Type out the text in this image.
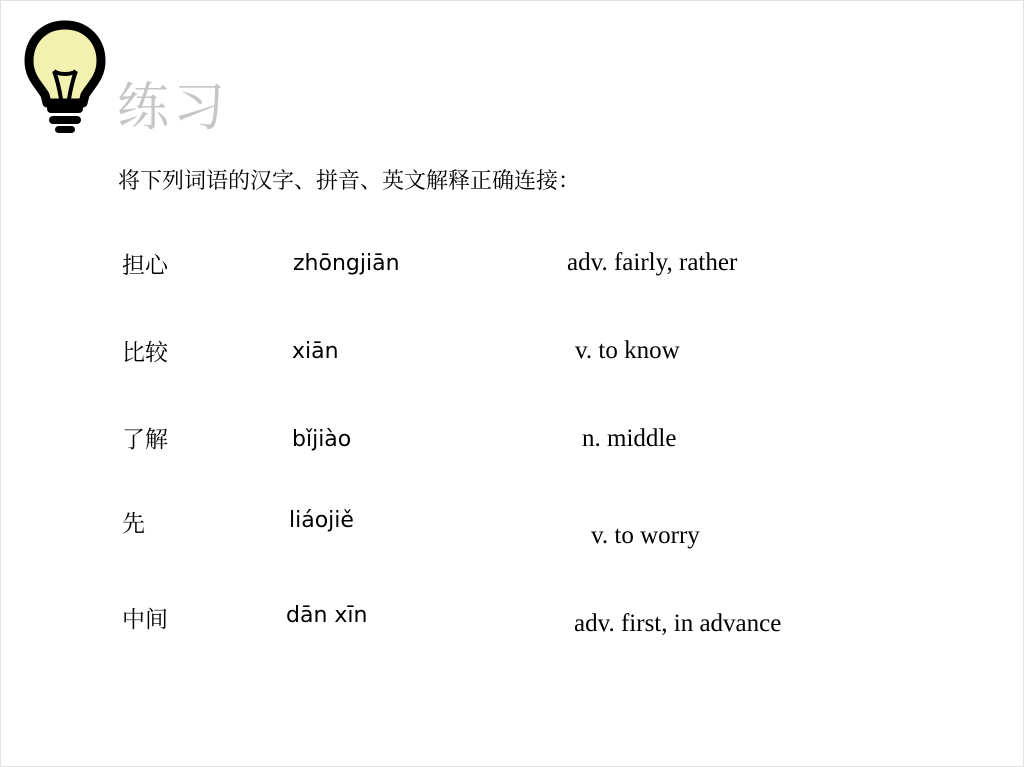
练习
将下列词语的汉字、拼音、英文解释正确连接：
担心
比较
了解
先
中间
zhōngjiān
xiān
bǐjiào
liáojiě
dān xīn
adv. fairly, rather
v. to know
n. middle
v. to worry
adv. first, in advance
